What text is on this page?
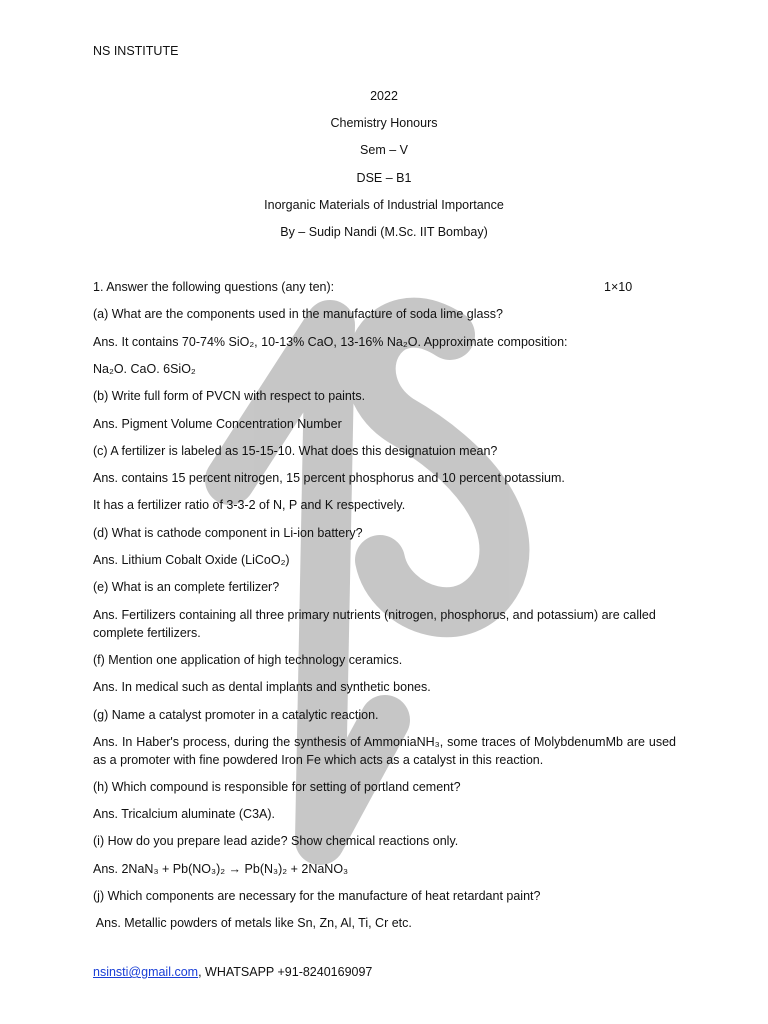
NS INSTITUTE
2022
Chemistry Honours
Sem – V
DSE – B1
Inorganic Materials of Industrial Importance
By – Sudip Nandi (M.Sc. IIT Bombay)
1. Answer the following questions (any ten):	1×10
(a) What are the components used in the manufacture of soda lime glass?
Ans. It contains 70-74% SiO₂, 10-13% CaO, 13-16% Na₂O. Approximate composition:
Na₂O. CaO. 6SiO₂
(b) Write full form of PVCN with respect to paints.
Ans. Pigment Volume Concentration Number
(c) A fertilizer is labeled as 15-15-10. What does this designatuion mean?
Ans. contains 15 percent nitrogen, 15 percent phosphorus and 10 percent potassium.
It has a fertilizer ratio of 3-3-2 of N, P and K respectively.
(d) What is cathode component in Li-ion battery?
Ans. Lithium Cobalt Oxide (LiCoO₂)
(e) What is an complete fertilizer?
Ans. Fertilizers containing all three primary nutrients (nitrogen, phosphorus, and potassium) are called complete fertilizers.
(f) Mention one application of high technology ceramics.
Ans. In medical such as dental implants and synthetic bones.
(g) Name a catalyst promoter in a catalytic reaction.
Ans. In Haber's process, during the synthesis of AmmoniaNH₃, some traces of MolybdenumMb are used as a promoter with fine powdered Iron Fe which acts as a catalyst in this reaction.
(h) Which compound is responsible for setting of portland cement?
Ans. Tricalcium aluminate (C3A).
(i) How do you prepare lead azide? Show chemical reactions only.
Ans. 2NaN₃ + Pb(NO₃)₂ → Pb(N₃)₂ + 2NaNO₃
(j) Which components are necessary for the manufacture of heat retardant paint?
Ans. Metallic powders of metals like Sn, Zn, Al, Ti, Cr etc.
nsinsti@gmail.com, WHATSAPP +91-8240169097
